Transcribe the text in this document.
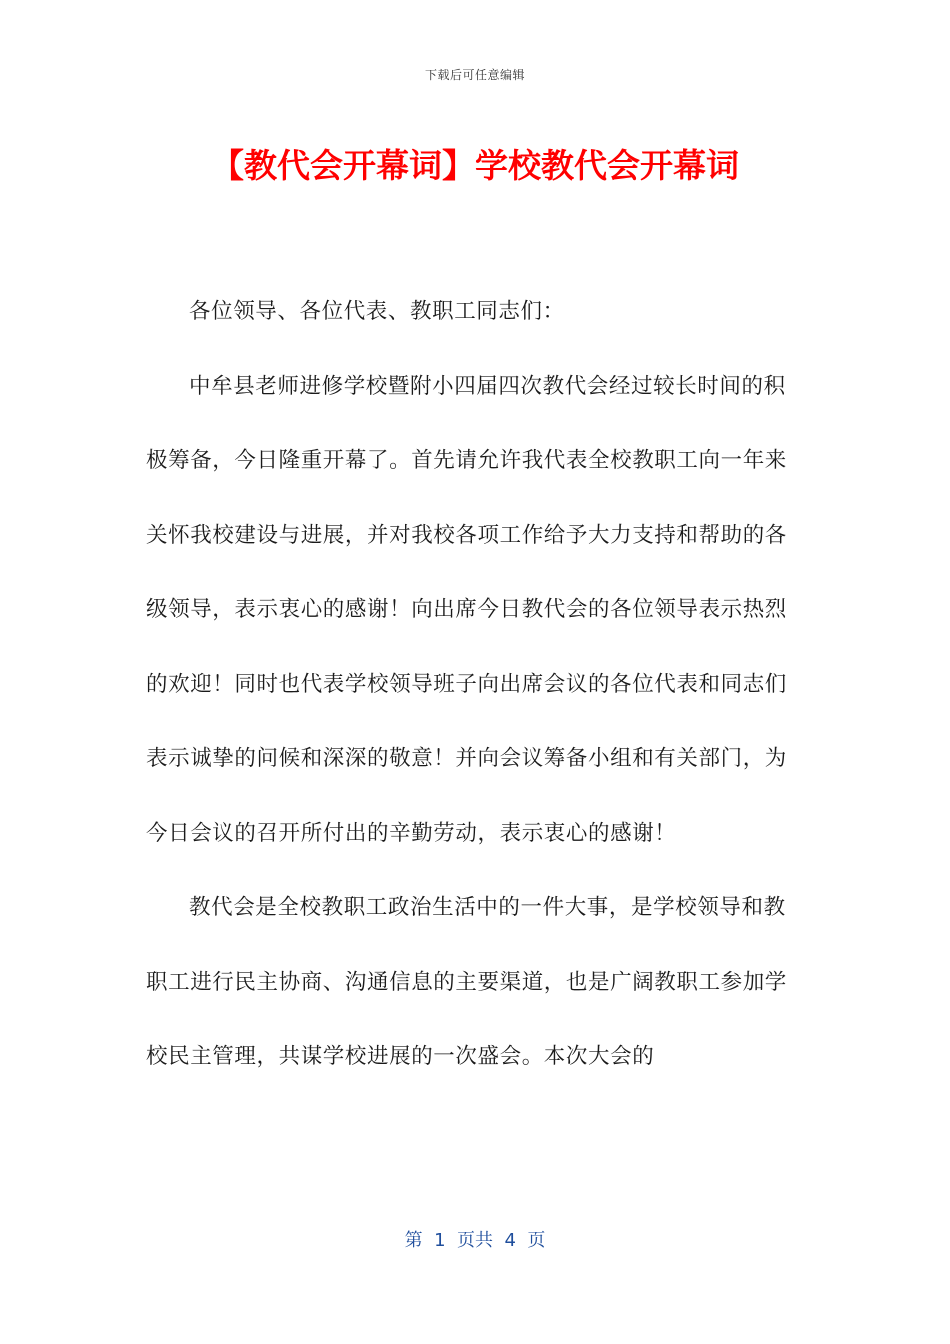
下载后可任意编辑
【教代会开幕词】学校教代会开幕词

各位领导、各位代表、教职工同志们：

中牟县老师进修学校暨附小四届四次教代会经过较长时间的积极筹备，今日隆重开幕了。首先请允许我代表全校教职工向一年来关怀我校建设与进展，并对我校各项工作给予大力支持和帮助的各级领导，表示衷心的感谢！向出席今日教代会的各位领导表示热烈的欢迎！同时也代表学校领导班子向出席会议的各位代表和同志们表示诚挚的问候和深深的敬意！并向会议筹备小组和有关部门，为今日会议的召开所付出的辛勤劳动，表示衷心的感谢！

教代会是全校教职工政治生活中的一件大事，是学校领导和教职工进行民主协商、沟通信息的主要渠道，也是广阔教职工参加学校民主管理，共谋学校进展的一次盛会。本次大会的

第  1  页共  4  页
